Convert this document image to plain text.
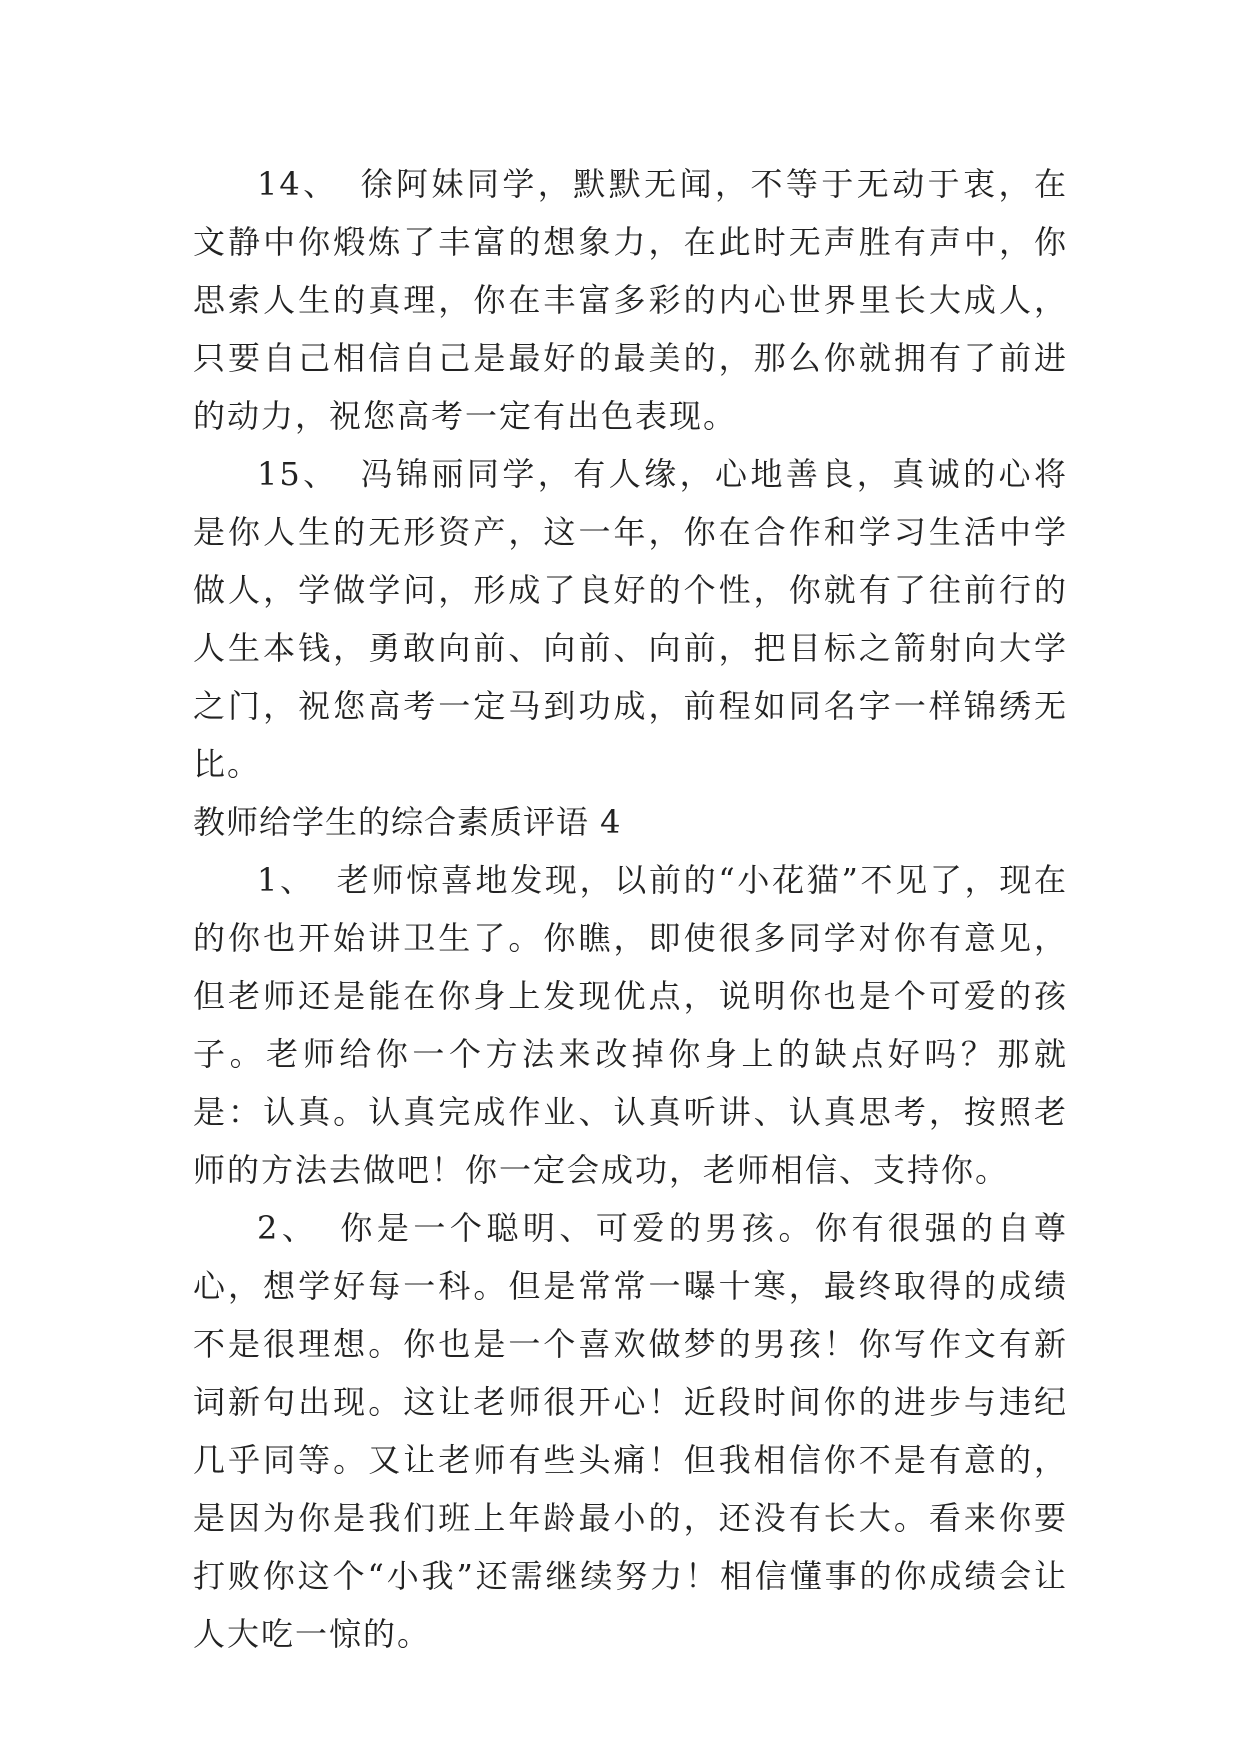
14、 徐阿妹同学，默默无闻，不等于无动于衷，在文静中你煅炼了丰富的想象力，在此时无声胜有声中，你思索人生的真理，你在丰富多彩的内心世界里长大成人，只要自己相信自己是最好的最美的，那么你就拥有了前进的动力，祝您高考一定有出色表现。

15、 冯锦丽同学，有人缘，心地善良，真诚的心将是你人生的无形资产，这一年，你在合作和学习生活中学做人，学做学问，形成了良好的个性，你就有了往前行的人生本钱，勇敢向前、向前、向前，把目标之箭射向大学之门，祝您高考一定马到功成，前程如同名字一样锦绣无比。

教师给学生的综合素质评语 4

1、 老师惊喜地发现，以前的“小花猫”不见了，现在的你也开始讲卫生了。你瞧，即使很多同学对你有意见，但老师还是能在你身上发现优点，说明你也是个可爱的孩子。老师给你一个方法来改掉你身上的缺点好吗？那就是：认真。认真完成作业、认真听讲、认真思考，按照老师的方法去做吧！你一定会成功，老师相信、支持你。

2、 你是一个聪明、可爱的男孩。你有很强的自尊心，想学好每一科。但是常常一曝十寒，最终取得的成绩不是很理想。你也是一个喜欢做梦的男孩！你写作文有新词新句出现。这让老师很开心！近段时间你的进步与违纪几乎同等。又让老师有些头痛！但我相信你不是有意的，是因为你是我们班上年龄最小的，还没有长大。看来你要打败你这个“小我”还需继续努力！相信懂事的你成绩会让人大吃一惊的。
